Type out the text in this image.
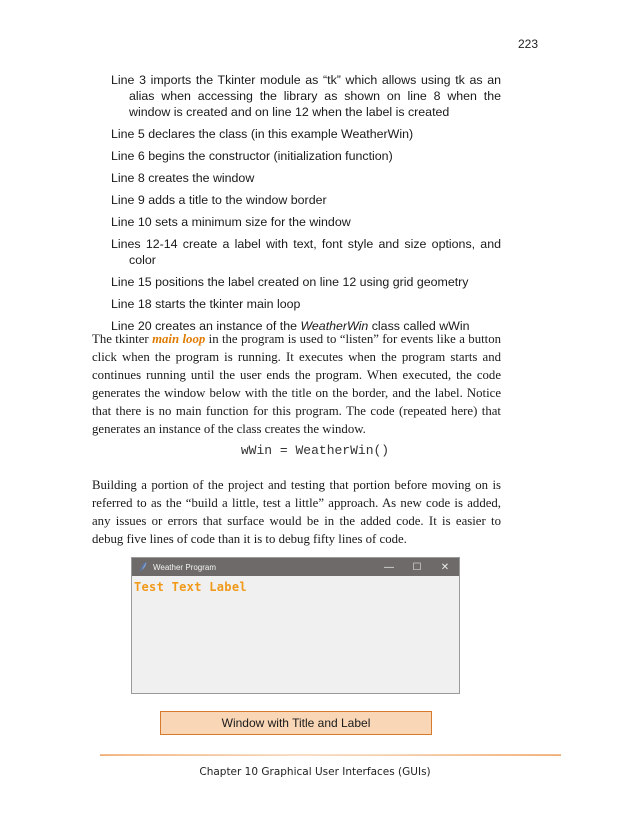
223
Line 3 imports the Tkinter module as “tk” which allows using tk as an alias when accessing the library as shown on line 8 when the window is created and on line 12 when the label is created
Line 5 declares the class (in this example WeatherWin)
Line 6 begins the constructor (initialization function)
Line 8 creates the window
Line 9 adds a title to the window border
Line 10 sets a minimum size for the window
Lines 12-14 create a label with text, font style and size options, and color
Line 15 positions the label created on line 12 using grid geometry
Line 18 starts the tkinter main loop
Line 20 creates an instance of the WeatherWin class called wWin

The tkinter main loop in the program is used to “listen” for events like a button click when the program is running. It executes when the program starts and continues running until the user ends the program. When executed, the code generates the window below with the title on the border, and the label. Notice that there is no main function for this program. The code (repeated here) that generates an instance of the class creates the window.

wWin = WeatherWin()

Building a portion of the project and testing that portion before moving on is referred to as the “build a little, test a little” approach. As new code is added, any issues or errors that surface would be in the added code. It is easier to debug five lines of code than it is to debug fifty lines of code.

Weather Program	—	☐	✕
Test Text Label
Window with Title and Label
Chapter 10 Graphical User Interfaces (GUIs)
